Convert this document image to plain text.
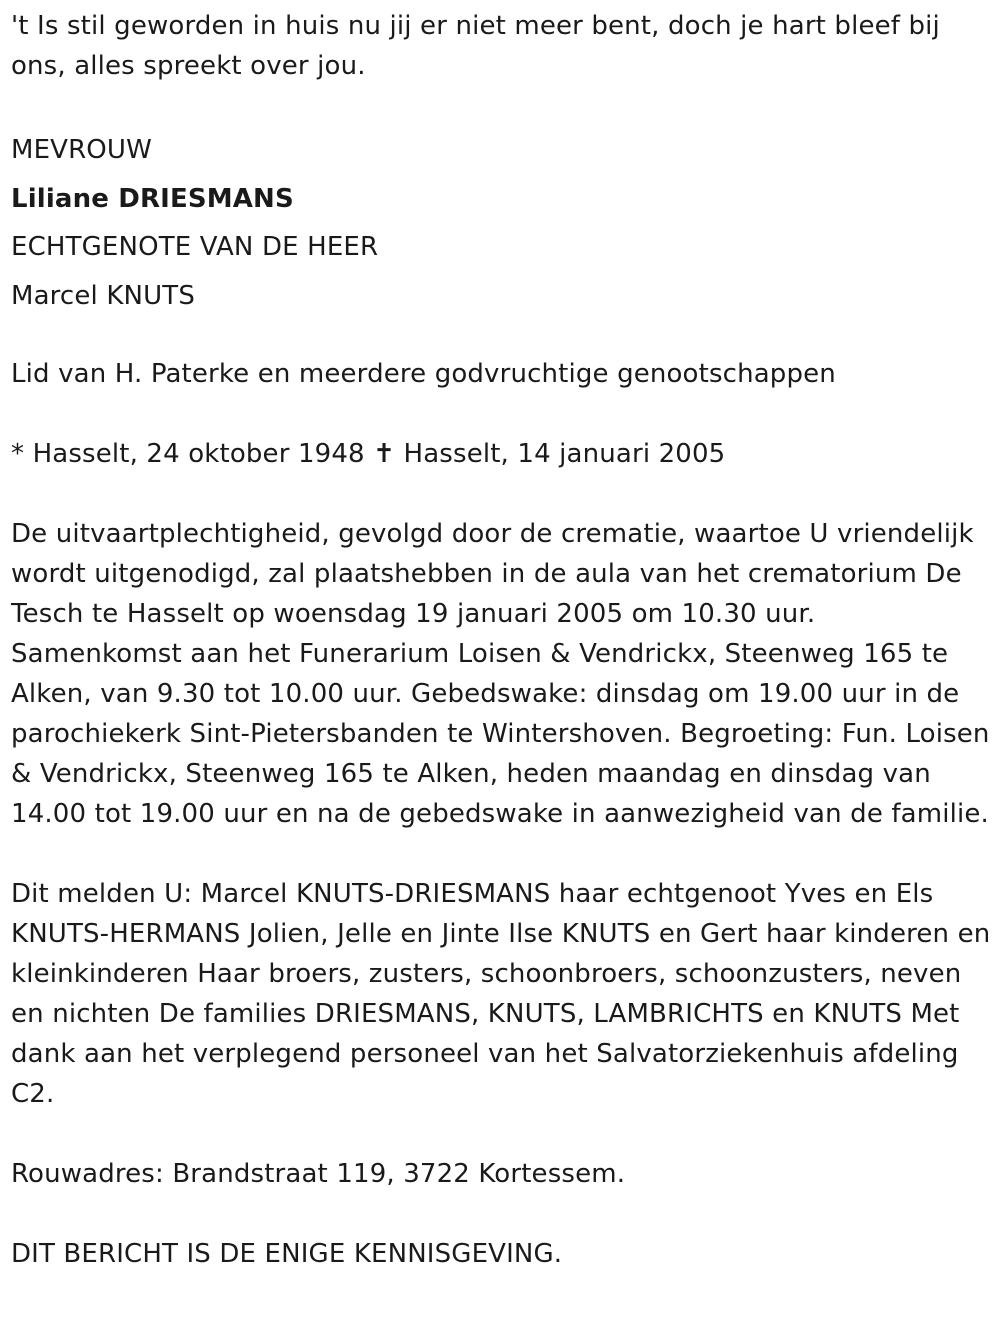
't Is stil geworden in huis nu jij er niet meer bent, doch je hart bleef bij ons, alles spreekt over jou.

MEVROUW

Liliane DRIESMANS

ECHTGENOTE VAN DE HEER

Marcel KNUTS

Lid van H. Paterke en meerdere godvruchtige genootschappen

* Hasselt, 24 oktober 1948 ✝ Hasselt, 14 januari 2005

De uitvaartplechtigheid, gevolgd door de crematie, waartoe U vriendelijk wordt uitgenodigd, zal plaatshebben in de aula van het crematorium De Tesch te Hasselt op woensdag 19 januari 2005 om 10.30 uur. Samenkomst aan het Funerarium Loisen & Vendrickx, Steenweg 165 te Alken, van 9.30 tot 10.00 uur. Gebedswake: dinsdag om 19.00 uur in de parochiekerk Sint-Pietersbanden te Wintershoven. Begroeting: Fun. Loisen & Vendrickx, Steenweg 165 te Alken, heden maandag en dinsdag van 14.00 tot 19.00 uur en na de gebedswake in aanwezigheid van de familie.

Dit melden U: Marcel KNUTS-DRIESMANS haar echtgenoot Yves en Els KNUTS-HERMANS Jolien, Jelle en Jinte Ilse KNUTS en Gert haar kinderen en kleinkinderen Haar broers, zusters, schoonbroers, schoonzusters, neven en nichten De families DRIESMANS, KNUTS, LAMBRICHTS en KNUTS Met dank aan het verplegend personeel van het Salvatorziekenhuis afdeling C2.

Rouwadres: Brandstraat 119, 3722 Kortessem.

DIT BERICHT IS DE ENIGE KENNISGEVING.
